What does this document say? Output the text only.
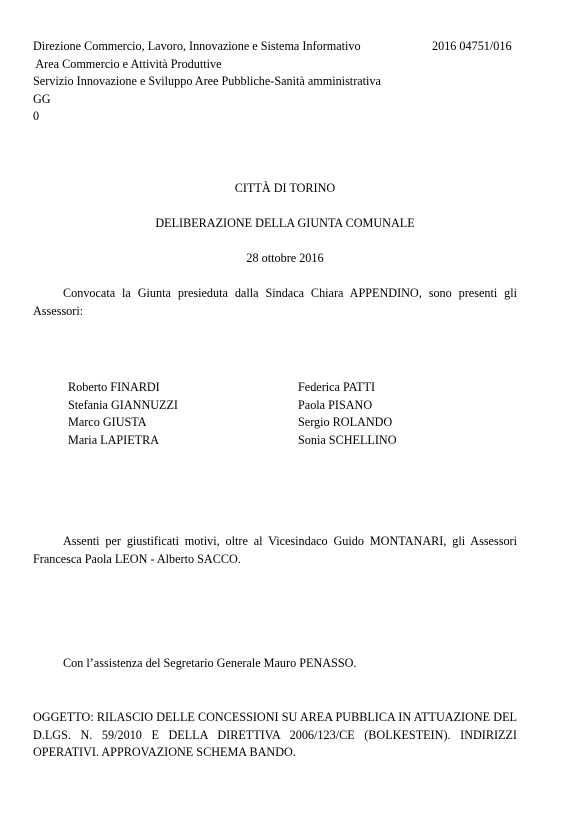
Direzione Commercio, Lavoro, Innovazione e Sistema Informativo
Area Commercio e Attività Produttive
Servizio Innovazione e Sviluppo Aree Pubbliche-Sanità amministrativa
GG
0
2016 04751/016
CITTÀ DI TORINO
DELIBERAZIONE DELLA GIUNTA COMUNALE
28 ottobre 2016
Convocata la Giunta presieduta dalla Sindaca Chiara APPENDINO, sono presenti gli Assessori:
Roberto FINARDI
Stefania GIANNUZZI
Marco GIUSTA
Maria LAPIETRA
Federica PATTI
Paola PISANO
Sergio ROLANDO
Sonia SCHELLINO
Assenti per giustificati motivi, oltre al Vicesindaco Guido MONTANARI, gli Assessori Francesca Paola LEON - Alberto SACCO.
Con l’assistenza del Segretario Generale Mauro PENASSO.
OGGETTO: RILASCIO DELLE CONCESSIONI SU AREA PUBBLICA IN ATTUAZIONE DEL D.LGS. N. 59/2010 E DELLA DIRETTIVA 2006/123/CE (BOLKESTEIN). INDIRIZZI OPERATIVI. APPROVAZIONE SCHEMA BANDO.
